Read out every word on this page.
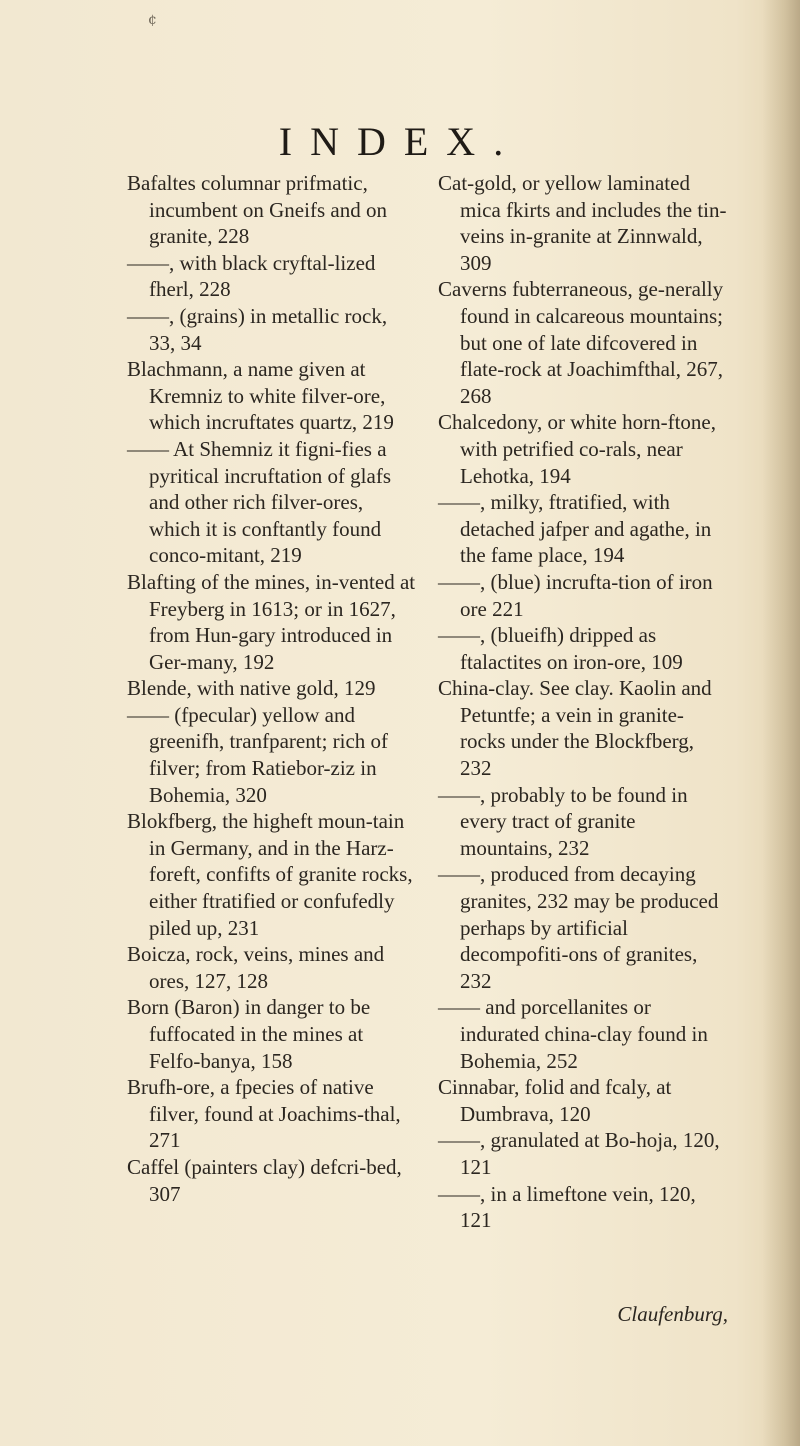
¢
INDEX.

Bafaltes columnar prifmatic, incumbent on Gneifs and on granite, 228

——, with black cryftal-lized fherl, 228

——, (grains) in metallic rock, 33, 34

Blachmann, a name given at Kremniz to white filver-ore, which incruftates quartz, 219

—— At Shemniz it figni-fies a pyritical incruftation of glafs and other rich filver-ores, which it is conftantly found conco-mitant, 219

Blafting of the mines, in-vented at Freyberg in 1613; or in 1627, from Hun-gary introduced in Ger-many, 192

Blende, with native gold, 129

—— (fpecular) yellow and greenifh, tranfparent; rich of filver; from Ratiebor-ziz in Bohemia, 320

Blokfberg, the higheft moun-tain in Germany, and in the Harz-foreft, confifts of granite rocks, either ftratified or confufedly piled up, 231

Boicza, rock, veins, mines and ores, 127, 128

Born (Baron) in danger to be fuffocated in the mines at Felfo-banya, 158

Brufh-ore, a fpecies of native filver, found at Joachims-thal, 271

Caffel (painters clay) defcri-bed, 307

Cat-gold, or yellow laminated mica fkirts and includes the tin-veins in-granite at Zinnwald, 309

Caverns fubterraneous, ge-nerally found in calcareous mountains; but one of late difcovered in flate-rock at Joachimfthal, 267, 268

Chalcedony, or white horn-ftone, with petrified co-rals, near Lehotka, 194

——, milky, ftratified, with detached jafper and agathe, in the fame place, 194

——, (blue) incrufta-tion of iron ore 221

——, (blueifh) dripped as ftalactites on iron-ore, 109

China-clay. See clay. Kaolin and Petuntfe; a vein in granite-rocks under the Blockfberg, 232

——, probably to be found in every tract of granite mountains, 232

——, produced from decaying granites, 232 may be produced perhaps by artificial decompofiti-ons of granites, 232

—— and porcellanites or indurated china-clay found in Bohemia, 252

Cinnabar, folid and fcaly, at Dumbrava, 120

——, granulated at Bo-hoja, 120, 121

——, in a limeftone vein, 120, 121

Claufenburg,
